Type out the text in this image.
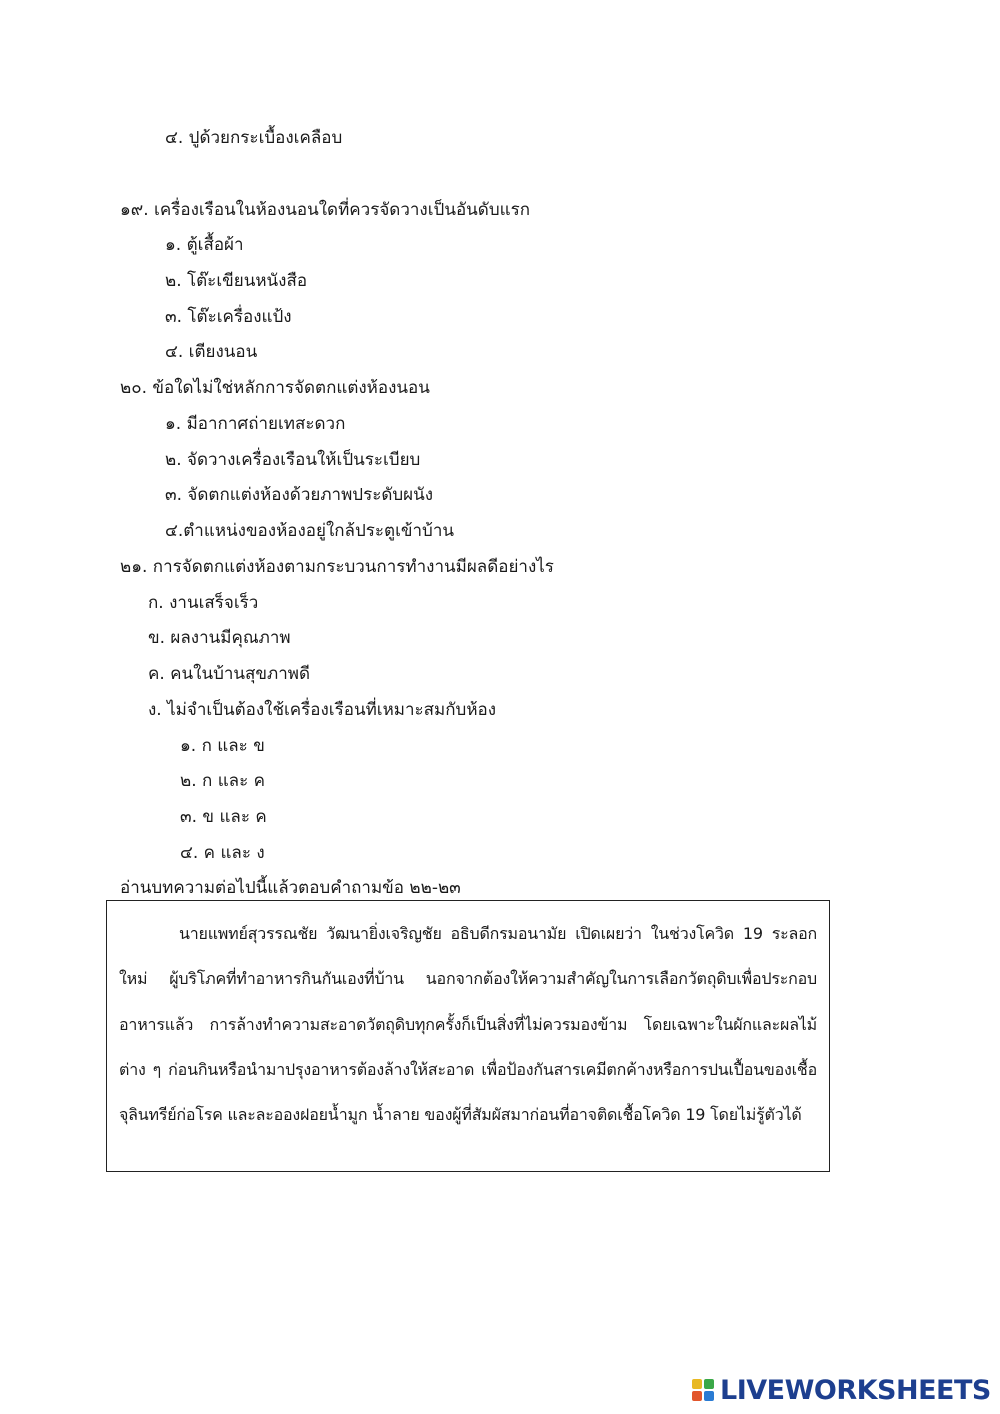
๔. ปูด้วยกระเบื้องเคลือบ
๑๙. เครื่องเรือนในห้องนอนใดที่ควรจัดวางเป็นอันดับแรก
๑. ตู้เสื้อผ้า
๒. โต๊ะเขียนหนังสือ
๓. โต๊ะเครื่องแป้ง
๔. เตียงนอน
๒๐. ข้อใดไม่ใช่หลักการจัดตกแต่งห้องนอน
๑. มีอากาศถ่ายเทสะดวก
๒. จัดวางเครื่องเรือนให้เป็นระเบียบ
๓. จัดตกแต่งห้องด้วยภาพประดับผนัง
๔.ตำแหน่งของห้องอยู่ใกล้ประตูเข้าบ้าน
๒๑. การจัดตกแต่งห้องตามกระบวนการทำงานมีผลดีอย่างไร
ก. งานเสร็จเร็ว
ข. ผลงานมีคุณภาพ
ค. คนในบ้านสุขภาพดี
ง. ไม่จำเป็นต้องใช้เครื่องเรือนที่เหมาะสมกับห้อง
๑. ก และ ข
๒. ก และ ค
๓. ข และ ค
๔. ค และ ง
อ่านบทความต่อไปนี้แล้วตอบคำถามข้อ ๒๒-๒๓

นายแพทย์สุวรรณชัย วัฒนายิ่งเจริญชัย อธิบดีกรมอนามัย เปิดเผยว่า ในช่วงโควิด 19 ระลอกใหม่ ผู้บริโภคที่ทำอาหารกินกันเองที่บ้าน นอกจากต้องให้ความสำคัญในการเลือกวัตถุดิบเพื่อประกอบอาหารแล้ว การล้างทำความสะอาดวัตถุดิบทุกครั้งก็เป็นสิ่งที่ไม่ควรมองข้าม โดยเฉพาะในผักและผลไม้ต่าง ๆ ก่อนกินหรือนำมาปรุงอาหารต้องล้างให้สะอาด เพื่อป้องกันสารเคมีตกค้างหรือการปนเปื้อนของเชื้อจุลินทรีย์ก่อโรค และละอองฝอยน้ำมูก น้ำลาย ของผู้ที่สัมผัสมาก่อนที่อาจติดเชื้อโควิด 19 โดยไม่รู้ตัวได้

LIVEWORKSHEETS
